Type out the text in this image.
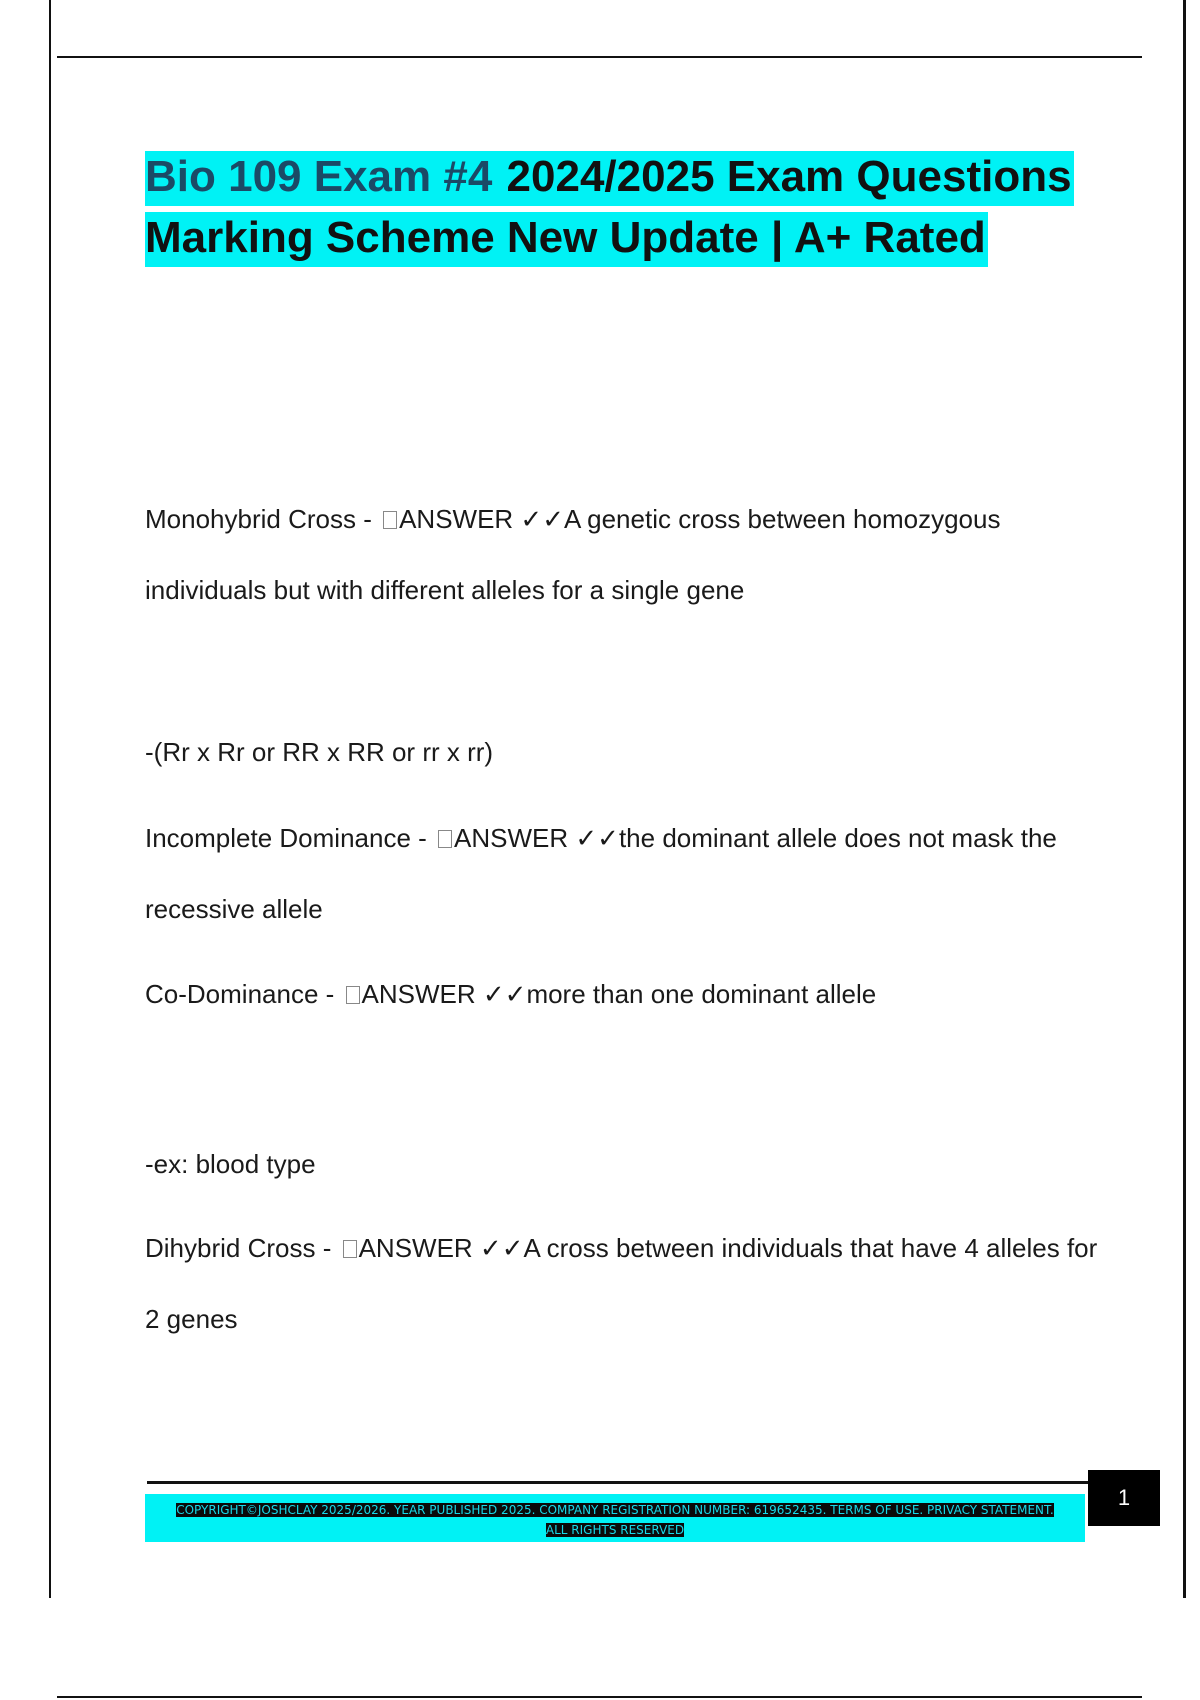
Bio 109 Exam #4 2024/2025 Exam Questions Marking Scheme New Update | A+ Rated

Monohybrid Cross - ANSWER ✓✓A genetic cross between homozygous individuals but with different alleles for a single gene

-(Rr x Rr or RR x RR or rr x rr)

Incomplete Dominance - ANSWER ✓✓the dominant allele does not mask the recessive allele

Co-Dominance - ANSWER ✓✓more than one dominant allele

-ex: blood type

Dihybrid Cross - ANSWER ✓✓A cross between individuals that have 4 alleles for 2 genes

COPYRIGHT©JOSHCLAY 2025/2026. YEAR PUBLISHED 2025. COMPANY REGISTRATION NUMBER: 619652435. TERMS OF USE. PRIVACY STATEMENT. ALL RIGHTS RESERVED
1
